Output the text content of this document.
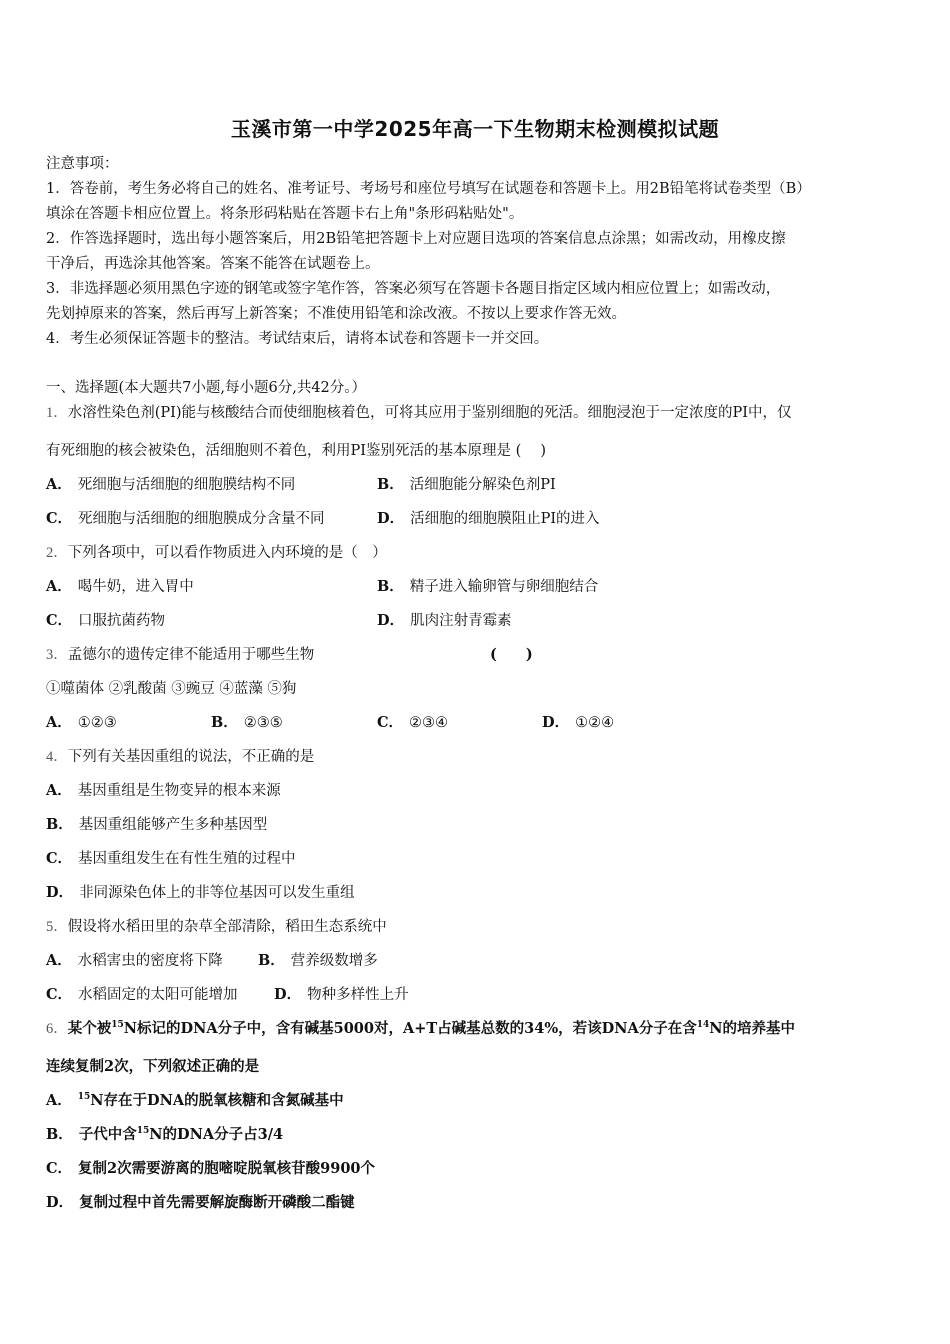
玉溪市第一中学2025年高一下生物期末检测模拟试题
注意事项：
1．答卷前，考生务必将自己的姓名、准考证号、考场号和座位号填写在试题卷和答题卡上。用2B铅笔将试卷类型（B）
填涂在答题卡相应位置上。将条形码粘贴在答题卡右上角"条形码粘贴处"。
2．作答选择题时，选出每小题答案后，用2B铅笔把答题卡上对应题目选项的答案信息点涂黑；如需改动，用橡皮擦
干净后，再选涂其他答案。答案不能答在试题卷上。
3．非选择题必须用黑色字迹的钢笔或签字笔作答，答案必须写在答题卡各题目指定区域内相应位置上；如需改动，
先划掉原来的答案，然后再写上新答案；不准使用铅笔和涂改液。不按以上要求作答无效。
4．考生必须保证答题卡的整洁。考试结束后，请将本试卷和答题卡一并交回。
一、选择题(本大题共7小题,每小题6分,共42分。）
1．水溶性染色剂(PI)能与核酸结合而使细胞核着色，可将其应用于鉴别细胞的死活。细胞浸泡于一定浓度的PI中，仅
有死细胞的核会被染色，活细胞则不着色，利用PI鉴别死活的基本原理是 (　 )
A． 死细胞与活细胞的细胞膜结构不同	B． 活细胞能分解染色剂PI
C． 死细胞与活细胞的细胞膜成分含量不同	D． 活细胞的细胞膜阻止PI的进入
2．下列各项中，可以看作物质进入内环境的是（　）
A． 喝牛奶，进入胃中	B． 精子进入输卵管与卵细胞结合
C． 口服抗菌药物	D． 肌肉注射青霉素
3．孟德尔的遗传定律不能适用于哪些生物	(　　)
①噬菌体 ②乳酸菌 ③豌豆 ④蓝藻 ⑤狗
A． ①②③	B． ②③⑤	C． ②③④	D． ①②④
4．下列有关基因重组的说法，不正确的是
A． 基因重组是生物变异的根本来源
B． 基因重组能够产生多种基因型
C． 基因重组发生在有性生殖的过程中
D． 非同源染色体上的非等位基因可以发生重组
5．假设将水稻田里的杂草全部清除，稻田生态系统中
A． 水稻害虫的密度将下降 B． 营养级数增多
C． 水稻固定的太阳可能增加	D． 物种多样性上升
6．某个被$^{15}$N标记的DNA分子中，含有碱基5000对，A+T占碱基总数的34%，若该DNA分子在含$^{14}$N的培养基中
连续复制2次，下列叙述正确的是
A． $^{15}$N存在于DNA的脱氧核糖和含氮碱基中
B． 子代中含$^{15}$N的DNA分子占3/4
C． 复制2次需要游离的胞嘧啶脱氧核苷酸9900个
D． 复制过程中首先需要解旋酶断开磷酸二酯键
